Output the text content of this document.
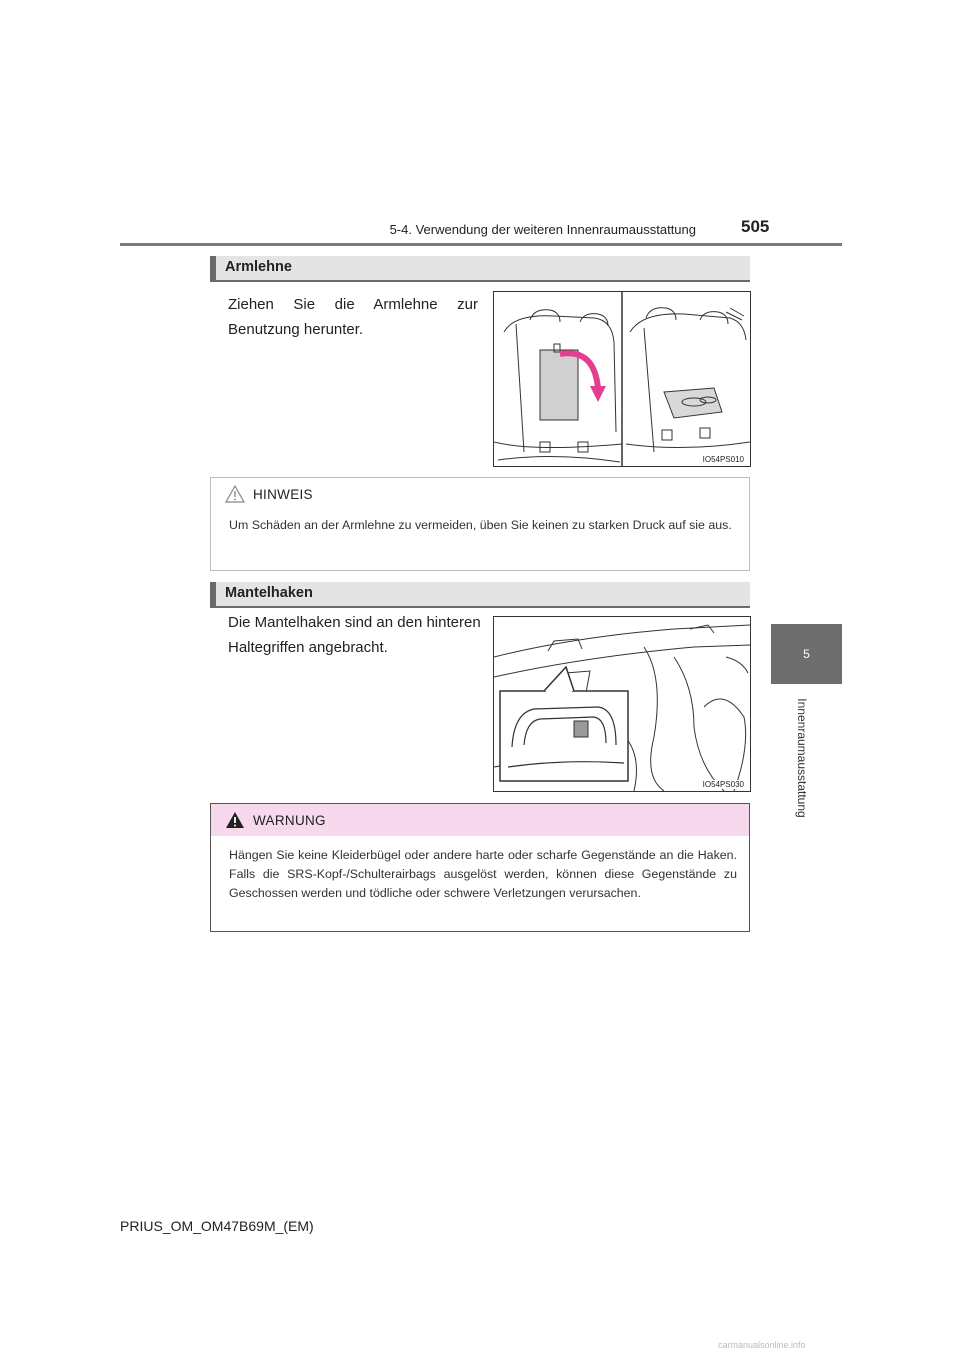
5-4. Verwendung der weiteren Innenraumausstattung	505
5
Innenraumausstattung
Armlehne
Ziehen Sie die Armlehne zur Benutzung herunter.
IO54PS010
HINWEIS
Um Schäden an der Armlehne zu vermeiden, üben Sie keinen zu starken Druck auf sie aus.
Mantelhaken
Die Mantelhaken sind an den hinteren Haltegriffen angebracht.
IO54PS030
WARNUNG
Hängen Sie keine Kleiderbügel oder andere harte oder scharfe Gegenstände an die Haken. Falls die SRS-Kopf-/Schulterairbags ausgelöst werden, können diese Gegenstände zu Geschossen werden und tödliche oder schwere Verletzungen verursachen.
PRIUS_OM_OM47B69M_(EM)
carmanualsonline.info
